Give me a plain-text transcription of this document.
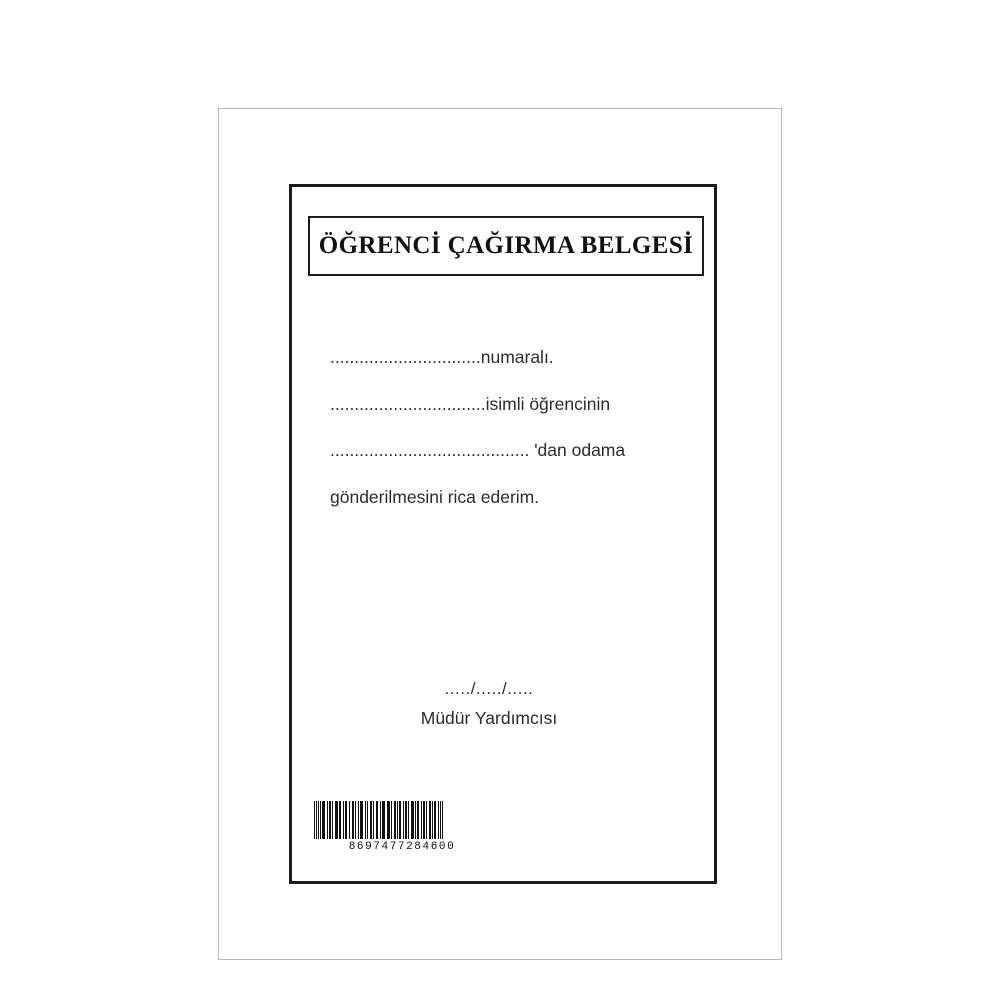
ÖĞRENCİ ÇAĞIRMA BELGESİ
...............................numaralı.
................................isimli öğrencinin
......................................... 'dan odama
gönderilmesini rica ederim.
...../...../.....
Müdür Yardımcısı
8697477284600
